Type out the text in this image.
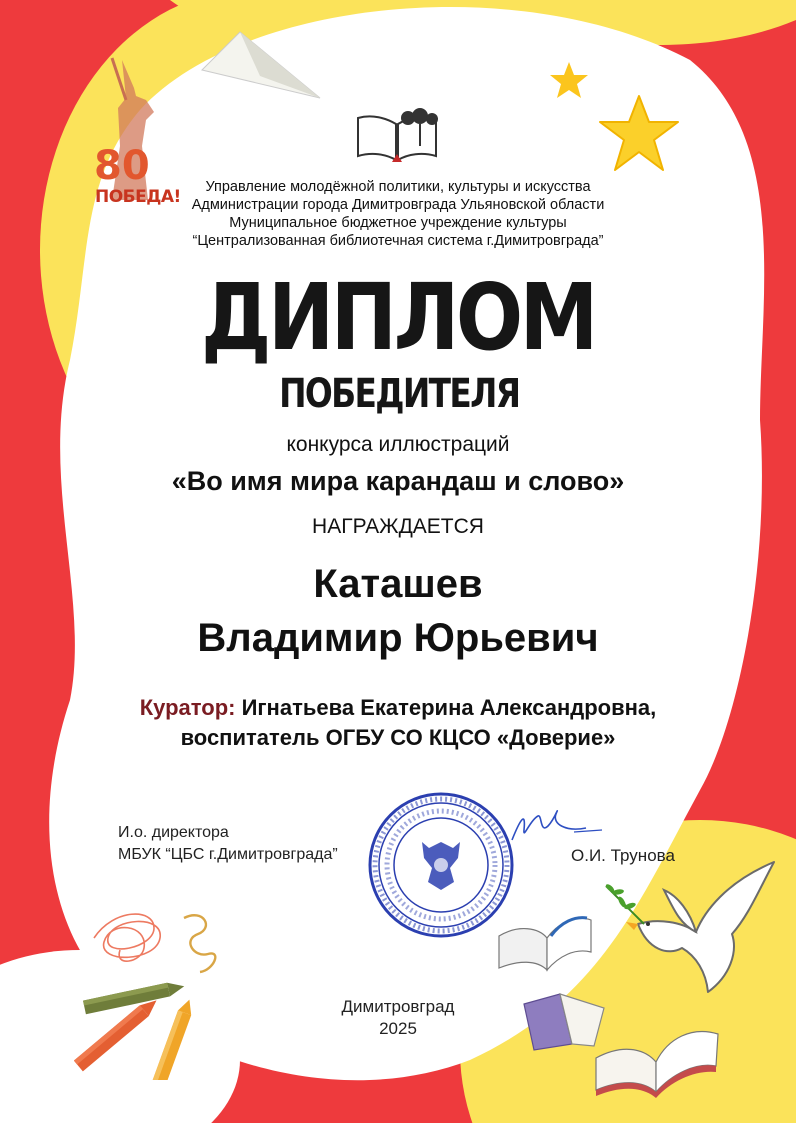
80
ПОБЕДА!	Управление молодёжной политики, культуры и искусства
Администрации города Димитровграда Ульяновской области
Муниципальное бюджетное учреждение культуры
“Централизованная библиотечная система г.Димитровграда”
ДИПЛОМ
ПОБЕДИТЕЛЯ
конкурса иллюстраций
«Во имя мира карандаш и слово»
НАГРАЖДАЕТСЯ
Каташев
Владимир Юрьевич
Куратор: Игнатьева Екатерина Александровна,
воспитатель ОГБУ СО КЦСО «Доверие»
И.о. директора
МБУК “ЦБС г.Димитровграда”	О.И. Трунова
Димитровград
2025
